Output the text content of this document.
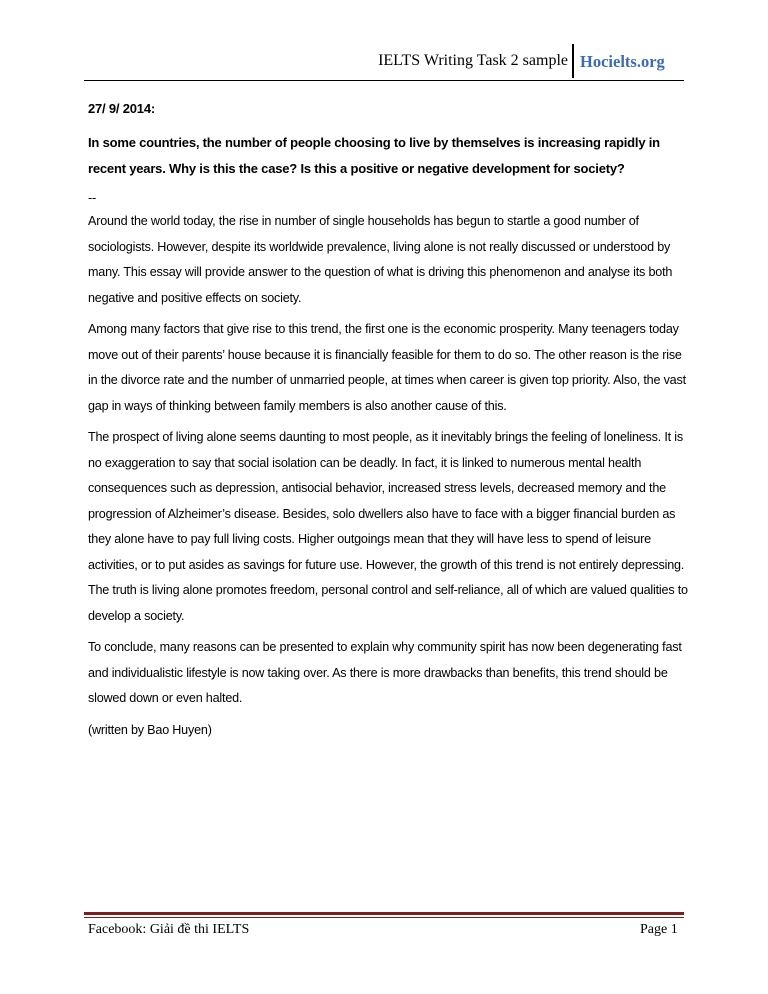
IELTS Writing Task 2 sample Hocielts.org
27/ 9/ 2014:
In some countries, the number of people choosing to live by themselves is increasing rapidly in recent years. Why is this the case? Is this a positive or negative development for society?
--

Around the world today, the rise in number of single households has begun to startle a good number of sociologists. However, despite its worldwide prevalence, living alone is not really discussed or understood by many. This essay will provide answer to the question of what is driving this phenomenon and analyse its both negative and positive effects on society.

Among many factors that give rise to this trend, the first one is the economic prosperity. Many teenagers today move out of their parents’ house because it is financially feasible for them to do so. The other reason is the rise in the divorce rate and the number of unmarried people, at times when career is given top priority. Also, the vast gap in ways of thinking between family members is also another cause of this.

The prospect of living alone seems daunting to most people, as it inevitably brings the feeling of loneliness. It is no exaggeration to say that social isolation can be deadly. In fact, it is linked to numerous mental health consequences such as depression, antisocial behavior, increased stress levels, decreased memory and the progression of Alzheimer’s disease. Besides, solo dwellers also have to face with a bigger financial burden as they alone have to pay full living costs. Higher outgoings mean that they will have less to spend of leisure activities, or to put asides as savings for future use. However, the growth of this trend is not entirely depressing. The truth is living alone promotes freedom, personal control and self-reliance, all of which are valued qualities to develop a society.

To conclude, many reasons can be presented to explain why community spirit has now been degenerating fast and individualistic lifestyle is now taking over. As there is more drawbacks than benefits, this trend should be slowed down or even halted.

(written by Bao Huyen)
Facebook: Giải đề thi IELTS	Page 1
